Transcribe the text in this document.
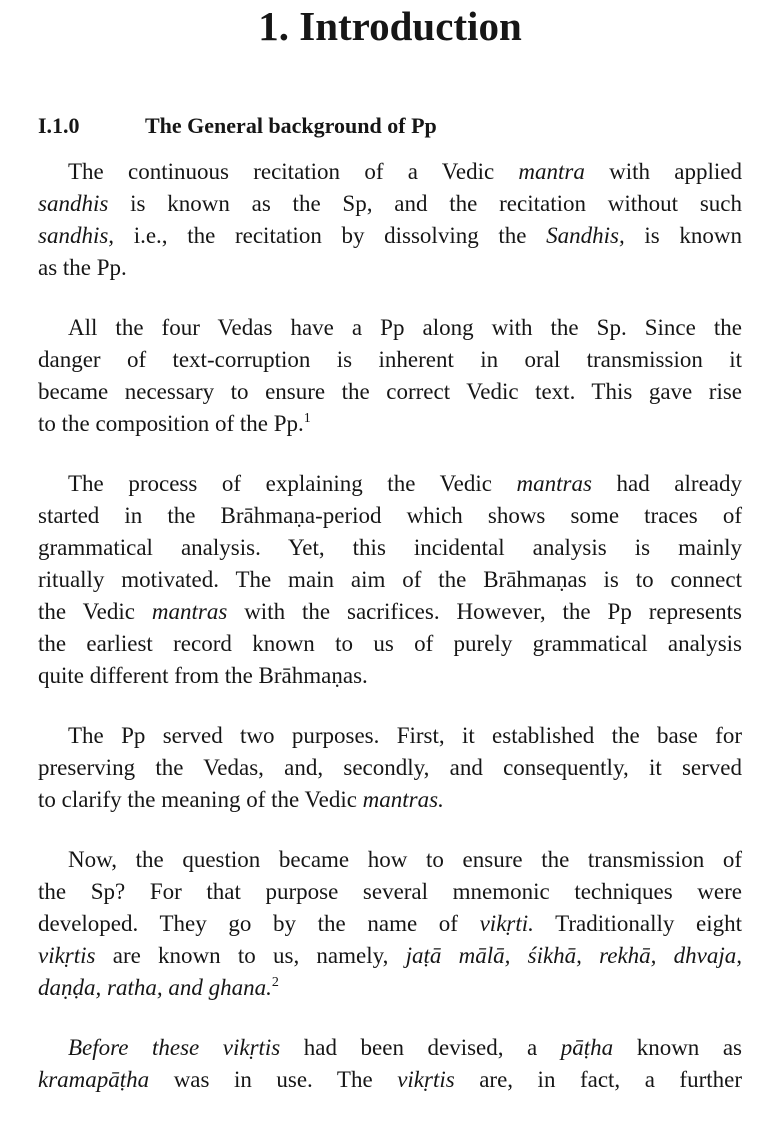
1. Introduction
I.1.0	The General background of Pp
The continuous recitation of a Vedic mantra with applied
sandhis is known as the Sp, and the recitation without such
sandhis, i.e., the recitation by dissolving the Sandhis, is known
as the Pp.
All the four Vedas have a Pp along with the Sp. Since the
danger of text-corruption is inherent in oral transmission it
became necessary to ensure the correct Vedic text. This gave rise
to the composition of the Pp.$^1$
The process of explaining the Vedic mantras had already
started in the Brāhmaṇa-period which shows some traces of
grammatical analysis. Yet, this incidental analysis is mainly
ritually motivated. The main aim of the Brāhmaṇas is to connect
the Vedic mantras with the sacrifices. However, the Pp represents
the earliest record known to us of purely grammatical analysis
quite different from the Brāhmaṇas.
The Pp served two purposes. First, it established the base for
preserving the Vedas, and, secondly, and consequently, it served
to clarify the meaning of the Vedic mantras.
Now, the question became how to ensure the transmission of
the Sp? For that purpose several mnemonic techniques were
developed. They go by the name of vikṛti. Traditionally eight
vikṛtis are known to us, namely, jaṭā mālā, śikhā, rekhā, dhvaja,
daṇḍa, ratha, and ghana.$^2$
Before these vikṛtis had been devised, a pāṭha known as
kramapāṭha was in use. The vikṛtis are, in fact, a further
